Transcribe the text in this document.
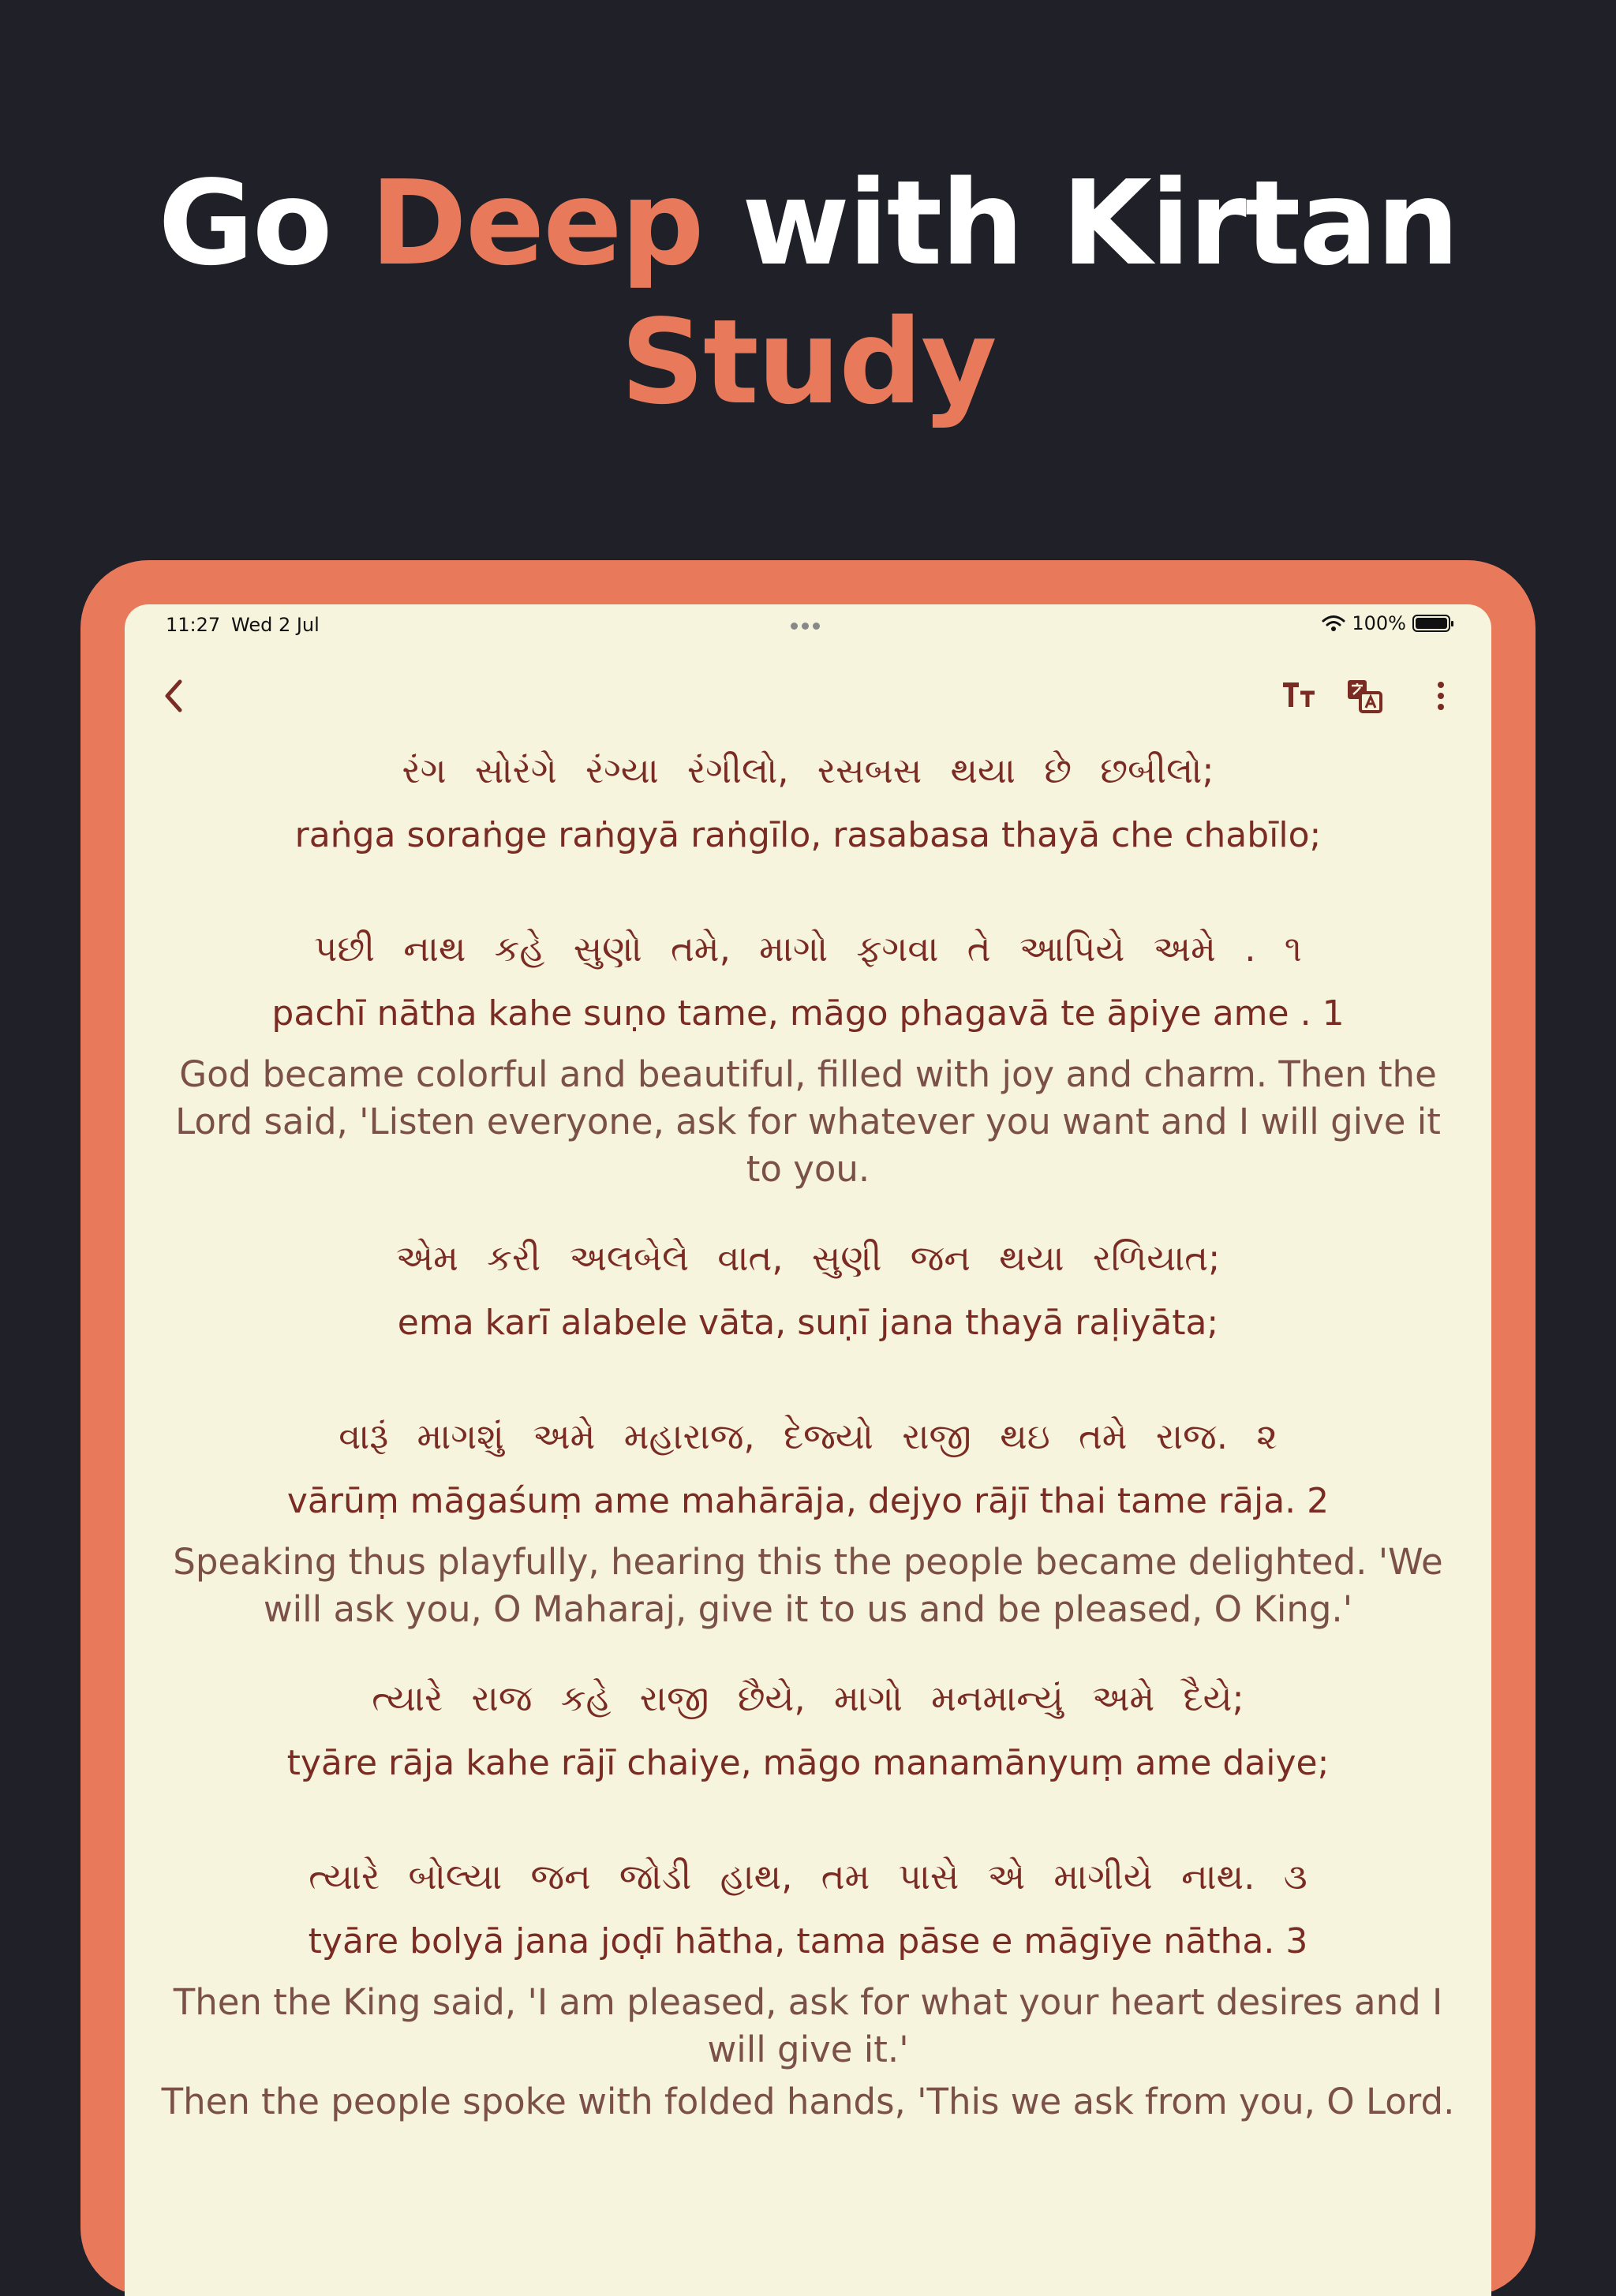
Go Deep with Kirtan
Study
11:27 Wed 2 Jul	100%
રંગ સોરંગે રંગ્યા રંગીલો, રસબસ થયા છે છબીલો;
raṅga soraṅge raṅgyā raṅgīlo, rasabasa thayā che chabīlo;
પછી નાથ કહે સુણો તમે, માગો ફગવા તે આપિયે અમે . ૧
pachī nātha kahe suṇo tame, māgo phagavā te āpiye ame . 1
God became colorful and beautiful, filled with joy and charm. Then the Lord said, 'Listen everyone, ask for whatever you want and I will give it to you.
એમ કરી અલબેલે વાત, સુણી જન થયા રળિયાત;
ema karī alabele vāta, suṇī jana thayā raḷiyāta;
વારૂં માગશું અમે મહારાજ, દેજ્યો રાજી થઇ તમે રાજ. ૨
vārūṃ māgaśuṃ ame mahārāja, dejyo rājī thai tame rāja. 2
Speaking thus playfully, hearing this the people became delighted. 'We will ask you, O Maharaj, give it to us and be pleased, O King.'
ત્યારે રાજ કહે રાજી છૈયે, માગો મનમાન્યું અમે દૈયે;
tyāre rāja kahe rājī chaiye, māgo manamānyuṃ ame daiye;
ત્યારે બોલ્યા જન જોડી હાથ, તમ પાસે એ માગીયે નાથ. ૩
tyāre bolyā jana joḍī hātha, tama pāse e māgīye nātha. 3
Then the King said, 'I am pleased, ask for what your heart desires and I will give it.'
Then the people spoke with folded hands, 'This we ask from you, O Lord.
